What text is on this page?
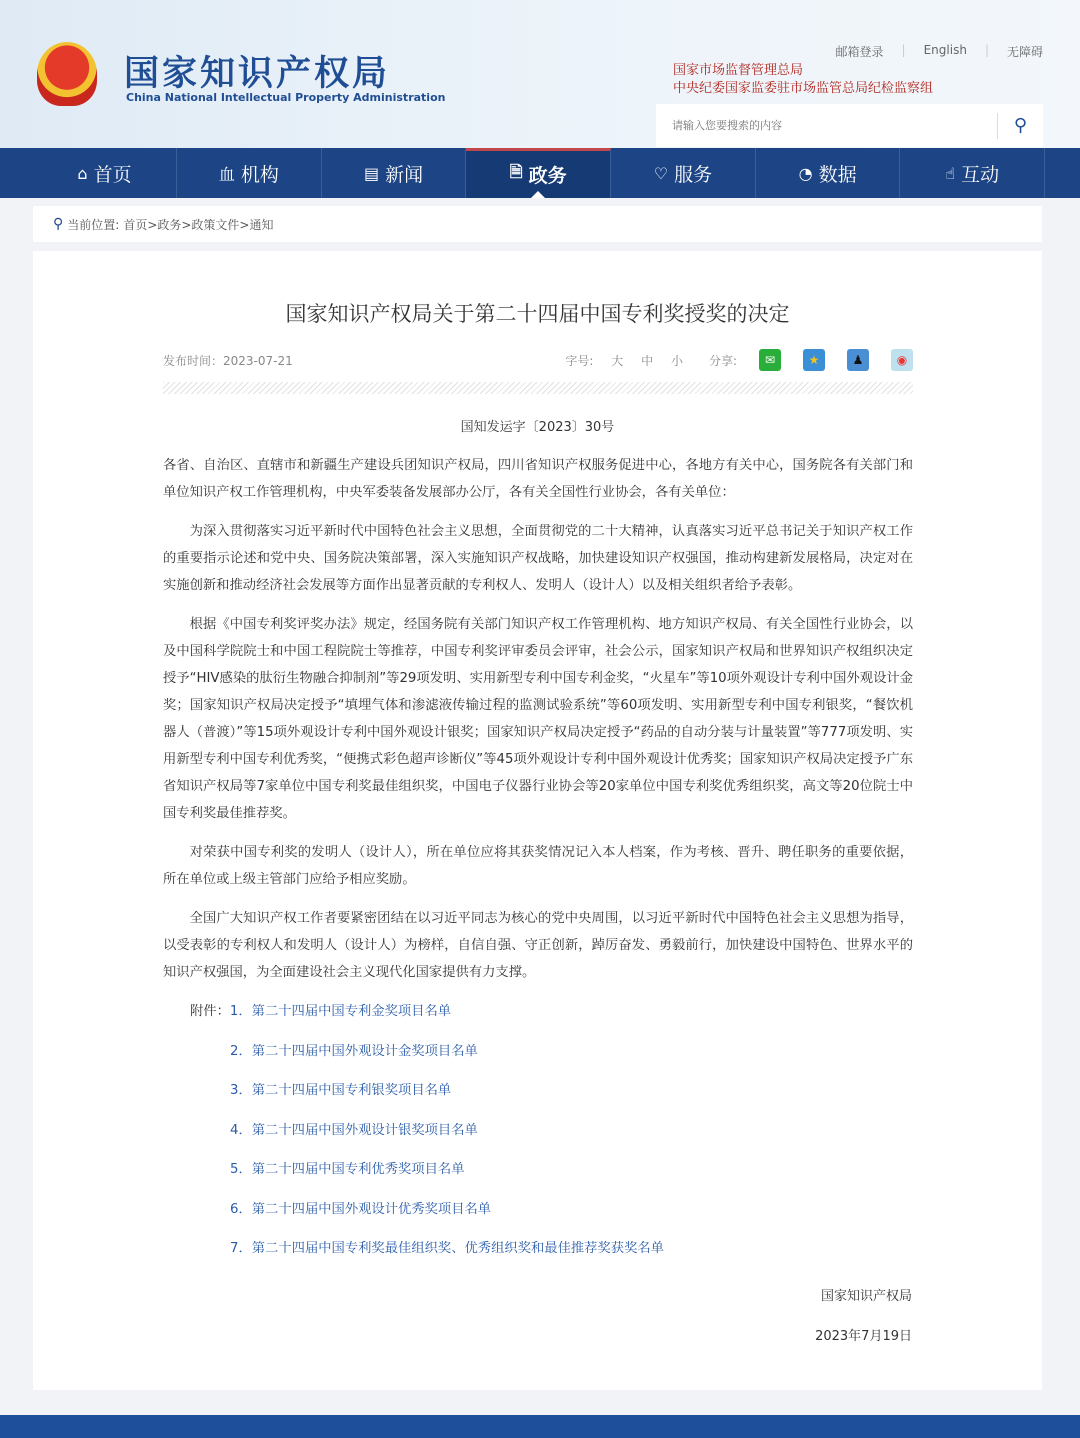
国家知识产权局
China National Intellectual Property Administration
邮箱登录 | English | 无障碍
国家市场监督管理总局
中央纪委国家监委驻市场监管总局纪检监察组
请输入您要搜索的内容
⚲
⌂ 首页	⾎ 机构	▤ 新闻	🗎 政务	♡ 服务	◔ 数据	☝ 互动
⚲ 当前位置: 首页>政务>政策文件>通知
国家知识产权局关于第二十四届中国专利奖授奖的决定
发布时间：2023-07-21	字号: 大 中 小 分享:	✉	★	♟	◉
国知发运字〔2023〕30号

各省、自治区、直辖市和新疆生产建设兵团知识产权局，四川省知识产权服务促进中心，各地方有关中心，国务院各有关部门和单位知识产权工作管理机构，中央军委装备发展部办公厅，各有关全国性行业协会，各有关单位：

为深入贯彻落实习近平新时代中国特色社会主义思想，全面贯彻党的二十大精神，认真落实习近平总书记关于知识产权工作的重要指示论述和党中央、国务院决策部署，深入实施知识产权战略，加快建设知识产权强国，推动构建新发展格局，决定对在实施创新和推动经济社会发展等方面作出显著贡献的专利权人、发明人（设计人）以及相关组织者给予表彰。

根据《中国专利奖评奖办法》规定，经国务院有关部门知识产权工作管理机构、地方知识产权局、有关全国性行业协会，以及中国科学院院士和中国工程院院士等推荐，中国专利奖评审委员会评审，社会公示，国家知识产权局和世界知识产权组织决定授予“HIV感染的肽衍生物融合抑制剂”等29项发明、实用新型专利中国专利金奖，“火星车”等10项外观设计专利中国外观设计金奖；国家知识产权局决定授予“填埋气体和渗滤液传输过程的监测试验系统”等60项发明、实用新型专利中国专利银奖，“餐饮机器人（普渡）”等15项外观设计专利中国外观设计银奖；国家知识产权局决定授予“药品的自动分装与计量装置”等777项发明、实用新型专利中国专利优秀奖，“便携式彩色超声诊断仪”等45项外观设计专利中国外观设计优秀奖；国家知识产权局决定授予广东省知识产权局等7家单位中国专利奖最佳组织奖，中国电子仪器行业协会等20家单位中国专利奖优秀组织奖，高文等20位院士中国专利奖最佳推荐奖。

对荣获中国专利奖的发明人（设计人），所在单位应将其获奖情况记入本人档案，作为考核、晋升、聘任职务的重要依据，所在单位或上级主管部门应给予相应奖励。

全国广大知识产权工作者要紧密团结在以习近平同志为核心的党中央周围，以习近平新时代中国特色社会主义思想为指导，以受表彰的专利权人和发明人（设计人）为榜样，自信自强、守正创新，踔厉奋发、勇毅前行，加快建设中国特色、世界水平的知识产权强国，为全面建设社会主义现代化国家提供有力支撑。

附件：1．第二十四届中国专利金奖项目名单
2．第二十四届中国外观设计金奖项目名单
3．第二十四届中国专利银奖项目名单
4．第二十四届中国外观设计银奖项目名单
5．第二十四届中国专利优秀奖项目名单
6．第二十四届中国外观设计优秀奖项目名单
7．第二十四届中国专利奖最佳组织奖、优秀组织奖和最佳推荐奖获奖名单
国家知识产权局
2023年7月19日
